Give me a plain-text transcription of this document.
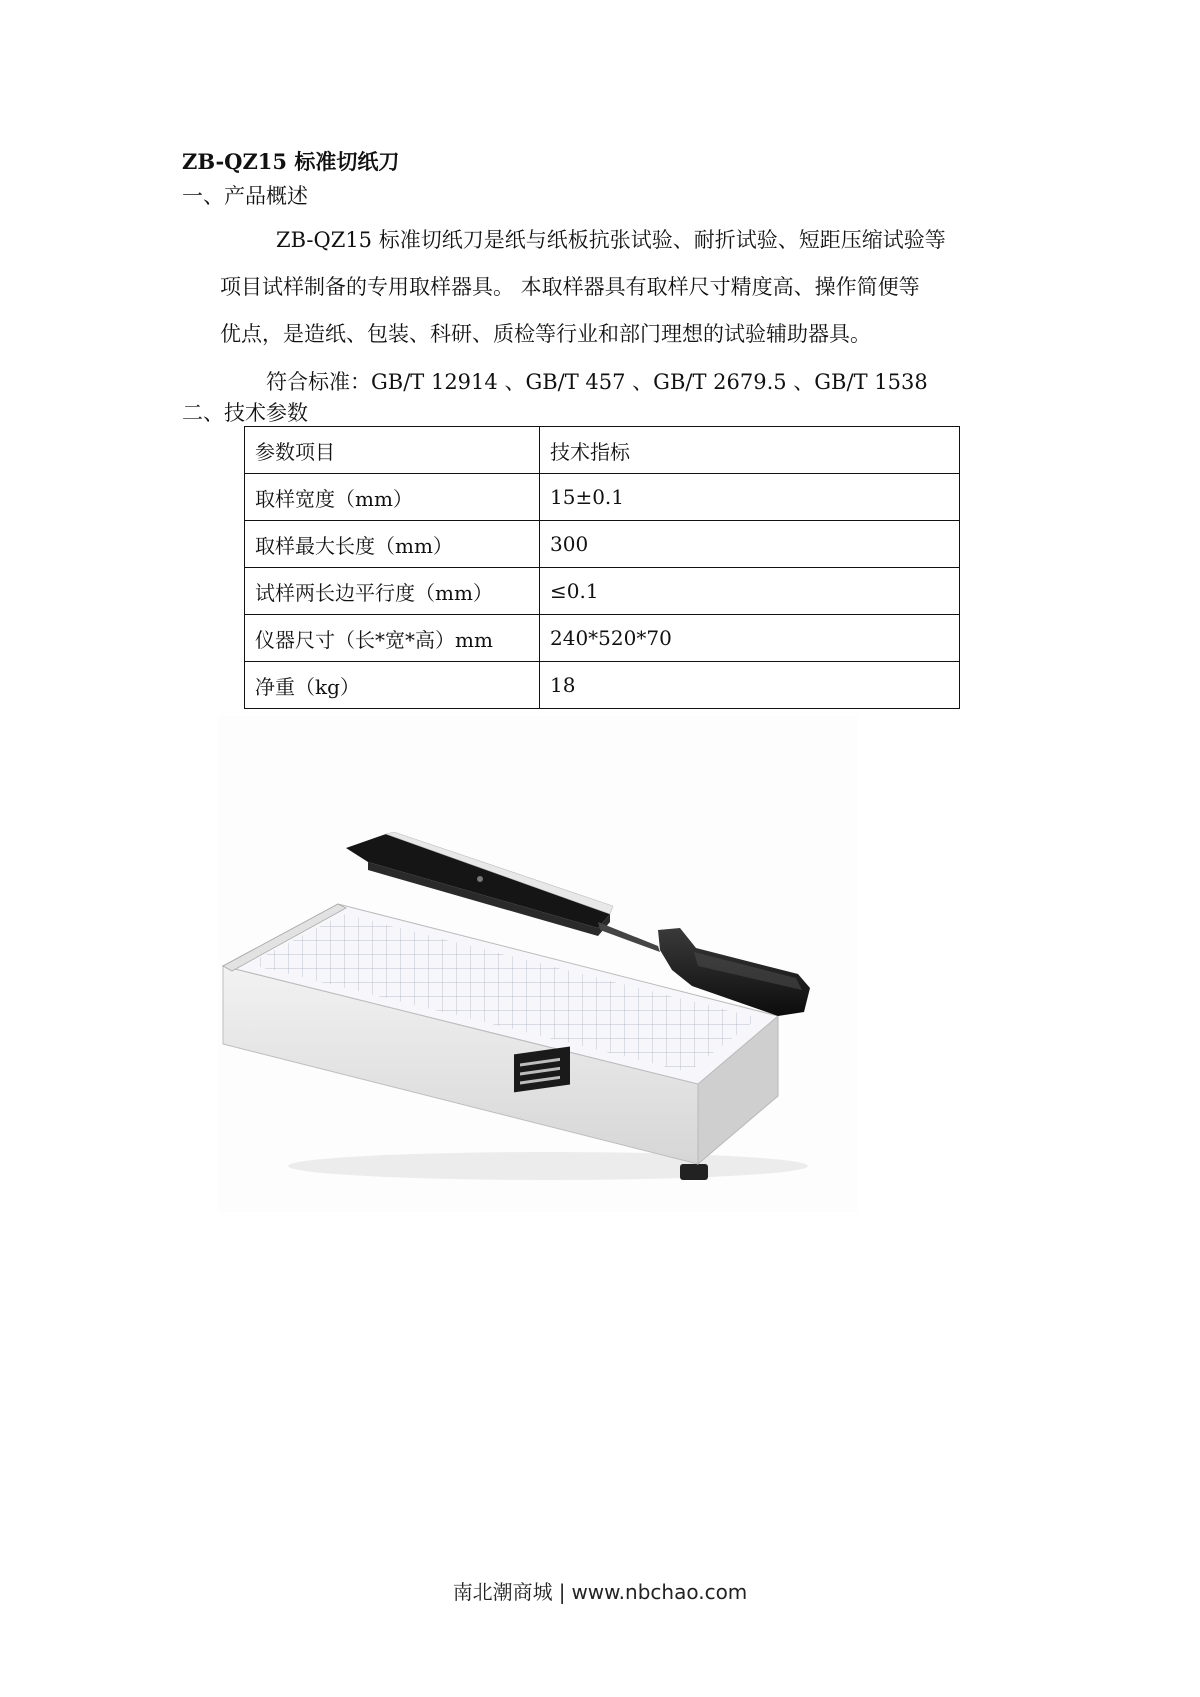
ZB-QZ15 标准切纸刀
一、产品概述
ZB-QZ15 标准切纸刀是纸与纸板抗张试验、耐折试验、短距压缩试验等
项目试样制备的专用取样器具。 本取样器具有取样尺寸精度高、操作简便等
优点，是造纸、包装、科研、质检等行业和部门理想的试验辅助器具。
符合标准：GB/T 12914 、GB/T 457 、GB/T 2679.5 、GB/T 1538
二、技术参数
参数项目	技术指标
取样宽度（mm）	15±0.1
取样最大长度（mm）	300
试样两长边平行度（mm）	≤0.1
仪器尺寸（长*宽*高）mm	240*520*70
净重（kg）	18
南北潮商城 | www.nbchao.com
